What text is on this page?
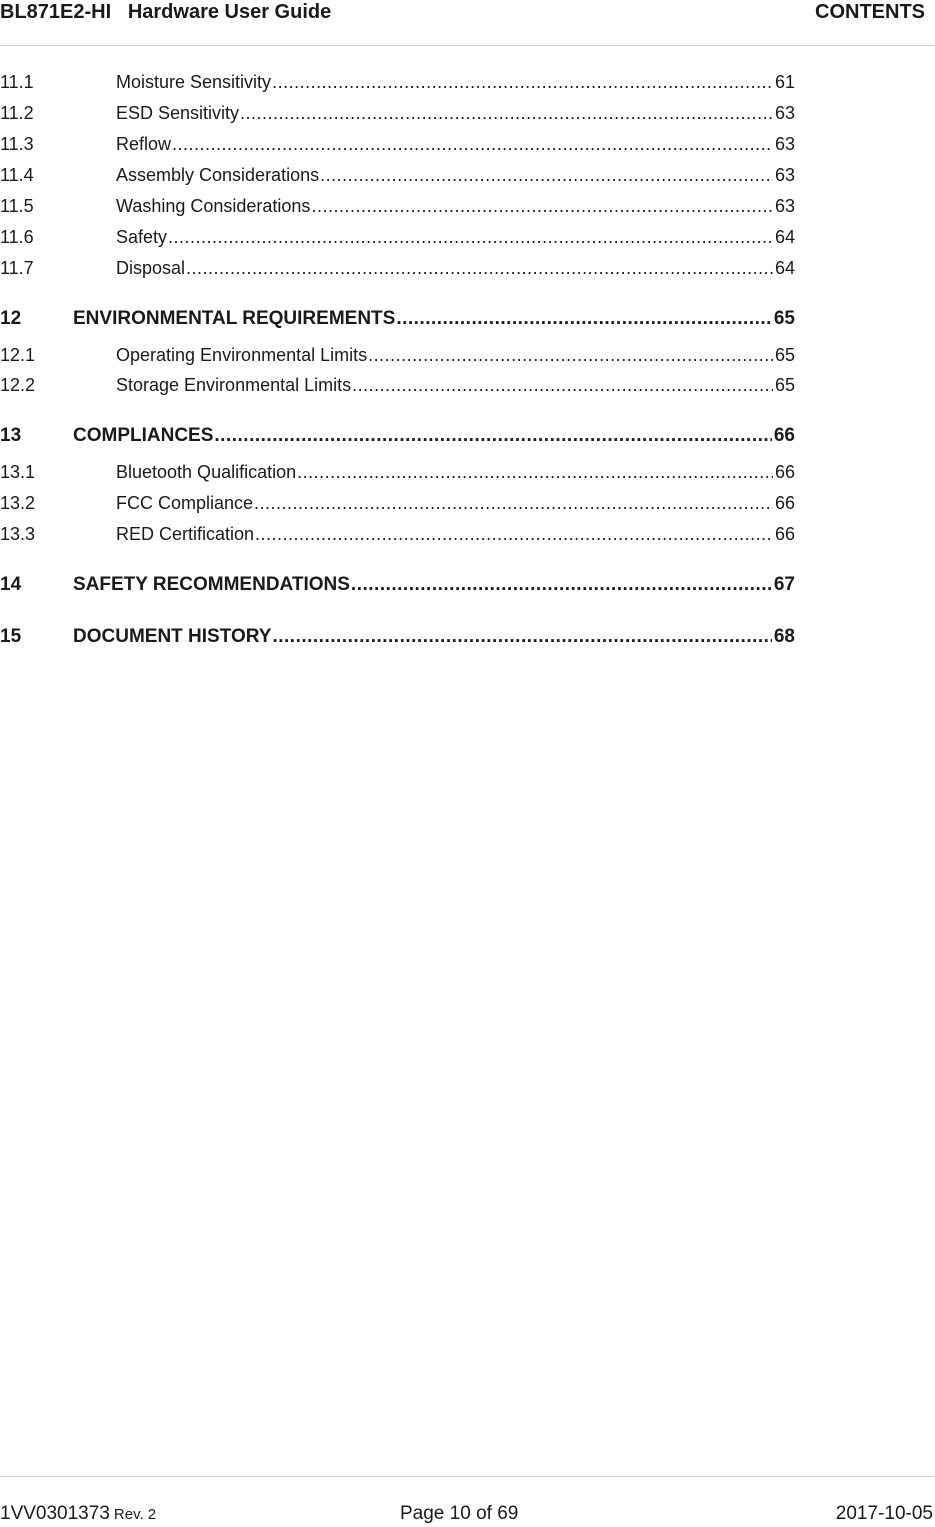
BL871E2-HI   Hardware User Guide	CONTENTS
11.1	Moisture Sensitivity .....	61
11.2	ESD Sensitivity .....	63
11.3	Reflow .....	63
11.4	Assembly Considerations .....	63
11.5	Washing Considerations .....	63
11.6	Safety .....	64
11.7	Disposal .....	64
12	ENVIRONMENTAL REQUIREMENTS .....	65
12.1	Operating Environmental Limits .....	65
12.2	Storage Environmental Limits .....	65
13	COMPLIANCES .....	66
13.1	Bluetooth Qualification .....	66
13.2	FCC Compliance .....	66
13.3	RED Certification .....	66
14	SAFETY RECOMMENDATIONS .....	67
15	DOCUMENT HISTORY .....	68
1VV0301373 Rev. 2	Page 10 of 69	2017-10-05
